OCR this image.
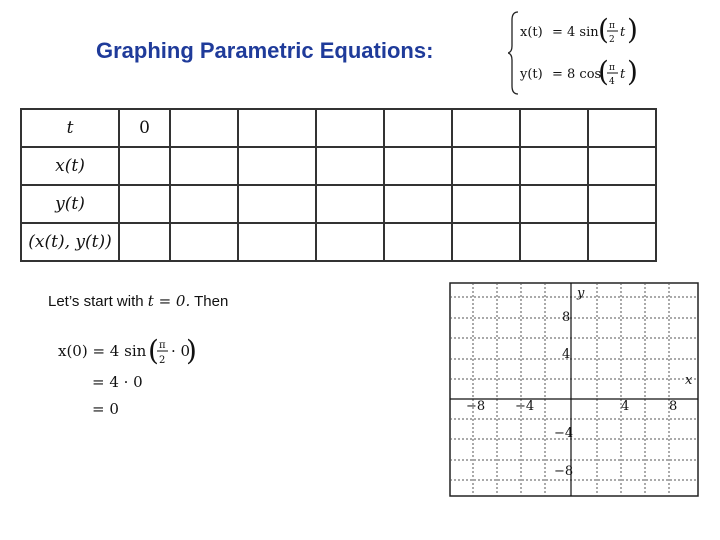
Graphing Parametric Equations:
x(t) = 4 sin ( π
2 t )
y(t) = 8 cos
( π
4 t )
t	0							
x(t)								
y(t)								
(x(t), y(t))								
Let’s start with t = 0. Then
x(0) = 4 sin ( π
2
· 0
)
= 4 · 0
= 0
y
x
−8 −4	4	8
8
4
−4
−8
